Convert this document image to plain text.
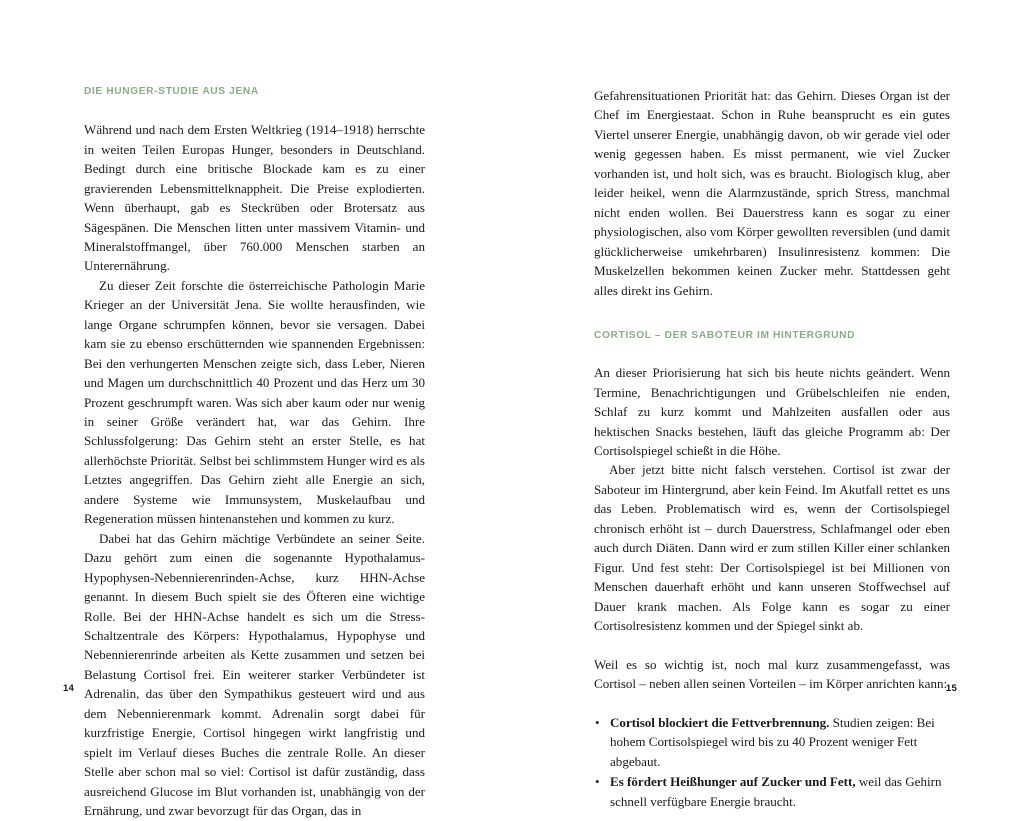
DIE HUNGER-STUDIE AUS JENA

Während und nach dem Ersten Weltkrieg (1914–1918) herrschte in weiten Teilen Europas Hunger, besonders in Deutschland. Bedingt durch eine britische Blockade kam es zu einer gravierenden Lebensmittelknappheit. Die Preise explodierten. Wenn überhaupt, gab es Steckrüben oder Brotersatz aus Sägespänen. Die Menschen litten unter massivem Vitamin- und Mineralstoffmangel, über 760.000 Menschen starben an Unterernährung.

Zu dieser Zeit forschte die österreichische Pathologin Marie Krieger an der Universität Jena. Sie wollte herausfinden, wie lange Organe schrumpfen können, bevor sie versagen. Dabei kam sie zu ebenso erschütternden wie spannenden Ergebnissen: Bei den verhungerten Menschen zeigte sich, dass Leber, Nieren und Magen um durchschnittlich 40 Prozent und das Herz um 30 Prozent geschrumpft waren. Was sich aber kaum oder nur wenig in seiner Größe verändert hat, war das Gehirn. Ihre Schlussfolgerung: Das Gehirn steht an erster Stelle, es hat allerhöchste Priorität. Selbst bei schlimmstem Hunger wird es als Letztes angegriffen. Das Gehirn zieht alle Energie an sich, andere Systeme wie Immunsystem, Muskelaufbau und Regeneration müssen hintenanstehen und kommen zu kurz.

Dabei hat das Gehirn mächtige Verbündete an seiner Seite. Dazu gehört zum einen die sogenannte Hypothalamus-Hypophysen-Nebennierenrinden-Achse, kurz HHN-Achse genannt. In diesem Buch spielt sie des Öfteren eine wichtige Rolle. Bei der HHN-Achse handelt es sich um die Stress-Schaltzentrale des Körpers: Hypothalamus, Hypophyse und Nebennierenrinde arbeiten als Kette zusammen und setzen bei Belastung Cortisol frei. Ein weiterer starker Verbündeter ist Adrenalin, das über den Sympathikus gesteuert wird und aus dem Nebennierenmark kommt. Adrenalin sorgt dabei für kurzfristige Energie, Cortisol hingegen wirkt langfristig und spielt im Verlauf dieses Buches die zentrale Rolle. An dieser Stelle aber schon mal so viel: Cortisol ist dafür zuständig, dass ausreichend Glucose im Blut vorhanden ist, unabhängig von der Ernährung, und zwar bevorzugt für das Organ, das in

14

Gefahrensituationen Priorität hat: das Gehirn. Dieses Organ ist der Chef im Energiestaat. Schon in Ruhe beansprucht es ein gutes Viertel unserer Energie, unabhängig davon, ob wir gerade viel oder wenig gegessen haben. Es misst permanent, wie viel Zucker vorhanden ist, und holt sich, was es braucht. Biologisch klug, aber leider heikel, wenn die Alarmzustände, sprich Stress, manchmal nicht enden wollen. Bei Dauerstress kann es sogar zu einer physiologischen, also vom Körper gewollten reversiblen (und damit glücklicherweise umkehrbaren) Insulinresistenz kommen: Die Muskelzellen bekommen keinen Zucker mehr. Stattdessen geht alles direkt ins Gehirn.

CORTISOL – DER SABOTEUR IM HINTERGRUND

An dieser Priorisierung hat sich bis heute nichts geändert. Wenn Termine, Benachrichtigungen und Grübelschleifen nie enden, Schlaf zu kurz kommt und Mahlzeiten ausfallen oder aus hektischen Snacks bestehen, läuft das gleiche Programm ab: Der Cortisolspiegel schießt in die Höhe.

Aber jetzt bitte nicht falsch verstehen. Cortisol ist zwar der Saboteur im Hintergrund, aber kein Feind. Im Akutfall rettet es uns das Leben. Problematisch wird es, wenn der Cortisolspiegel chronisch erhöht ist – durch Dauerstress, Schlafmangel oder eben auch durch Diäten. Dann wird er zum stillen Killer einer schlanken Figur. Und fest steht: Der Cortisolspiegel ist bei Millionen von Menschen dauerhaft erhöht und kann unseren Stoffwechsel auf Dauer krank machen. Als Folge kann es sogar zu einer Cortisolresistenz kommen und der Spiegel sinkt ab.

Weil es so wichtig ist, noch mal kurz zusammengefasst, was Cortisol – neben allen seinen Vorteilen – im Körper anrichten kann:

• Cortisol blockiert die Fettverbrennung. Studien zeigen: Bei hohem Cortisolspiegel wird bis zu 40 Prozent weniger Fett abgebaut.
• Es fördert Heißhunger auf Zucker und Fett, weil das Gehirn schnell verfügbare Energie braucht.
15
